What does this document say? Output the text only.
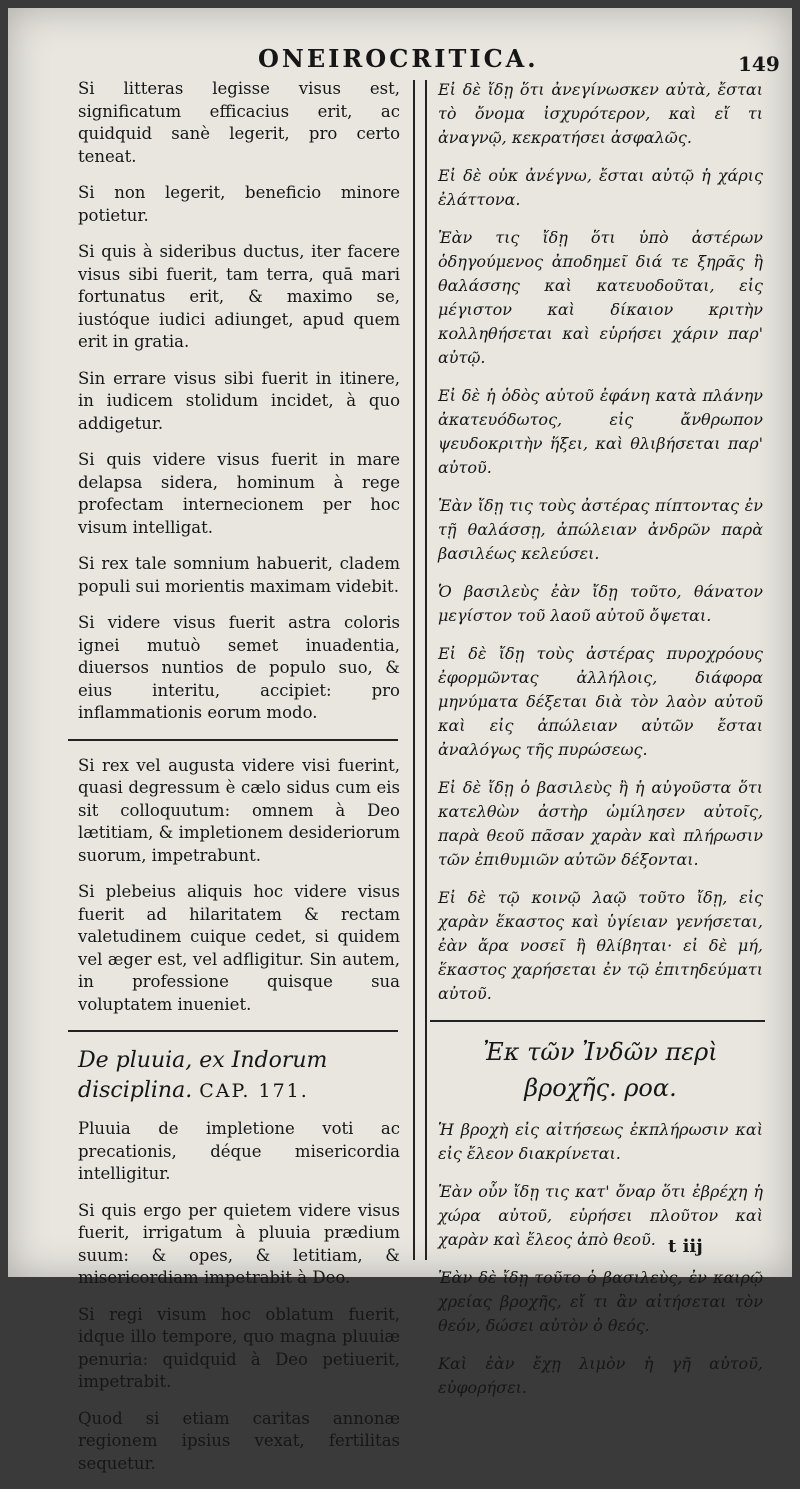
ONEIROCRITICA.	149

Si litteras legisse visus est, significatum efficacius erit, ac quidquid sanè legerit, pro certo teneat.

Si non legerit, beneficio minore potietur.

Si quis à sideribus ductus, iter facere visus sibi fuerit, tam terra, quā mari fortunatus erit, & maximo se, iustóque iudici adiunget, apud quem erit in gratia.

Sin errare visus sibi fuerit in itinere, in iudicem stolidum incidet, à quo addigetur.

Si quis videre visus fuerit in mare delapsa sidera, hominum à rege profectam internecionem per hoc visum intelligat.

Si rex tale somnium habuerit, cladem populi sui morientis maximam videbit.

Si videre visus fuerit astra coloris ignei mutuò semet inuadentia, diuersos nuntios de populo suo, & eius interitu, accipiet: pro inflammationis eorum modo.

Si rex vel augusta videre visi fuerint, quasi degressum è cælo sidus cum eis sit colloquutum: omnem à Deo lætitiam, & impletionem desideriorum suorum, impetrabunt.

Si plebeius aliquis hoc videre visus fuerit ad hilaritatem & rectam valetudinem cuique cedet, si quidem vel æger est, vel adfligitur. Sin autem, in professione quisque sua voluptatem inueniet.

De pluuia, ex Indorum disciplina. CAP. 171.

Pluuia de impletione voti ac precationis, déque misericordia intelligitur.

Si quis ergo per quietem videre visus fuerit, irrigatum à pluuia prædium suum: & opes, & letitiam, & misericordiam impetrabit à Deo.

Si regi visum hoc oblatum fuerit, idque illo tempore, quo magna pluuiæ penuria: quidquid à Deo petiuerit, impetrabit.

Quod si etiam caritas annonæ regionem ipsius vexat, fertilitas sequetur.

Εἰ δὲ ἴδῃ ὅτι ἀνεγίνωσκεν αὐτὰ, ἔσται τὸ ὄνομα ἰσχυρότερον, καὶ εἴ τι ἀναγνῷ, κεκρατήσει ἀσφαλῶς.

Εἰ δὲ οὐκ ἀνέγνω, ἔσται αὐτῷ ἡ χάρις ἐλάττονα.

Ἐὰν τις ἴδῃ ὅτι ὑπὸ ἀστέρων ὁδηγούμενος ἀποδημεῖ διά τε ξηρᾶς ἢ θαλάσσης καὶ κατευοδοῦται, εἰς μέγιστον καὶ δίκαιον κριτὴν κολληθήσεται καὶ εὑρήσει χάριν παρ' αὐτῷ.

Εἰ δὲ ἡ ὁδὸς αὐτοῦ ἐφάνη κατὰ πλάνην ἀκατευόδωτος, εἰς ἄνθρωπον ψευδοκριτὴν ἥξει, καὶ θλιβήσεται παρ' αὐτοῦ.

Ἐὰν ἴδῃ τις τοὺς ἀστέρας πίπτοντας ἐν τῇ θαλάσσῃ, ἀπώλειαν ἀνδρῶν παρὰ βασιλέως κελεύσει.

Ὁ βασιλεὺς ἐὰν ἴδῃ τοῦτο, θάνατον μεγίστον τοῦ λαοῦ αὐτοῦ ὄψεται.

Εἰ δὲ ἴδῃ τοὺς ἀστέρας πυροχρόους ἐφορμῶντας ἀλλήλοις, διάφορα μηνύματα δέξεται διὰ τὸν λαὸν αὐτοῦ καὶ εἰς ἀπώλειαν αὐτῶν ἔσται ἀναλόγως τῆς πυρώσεως.

Εἰ δὲ ἴδῃ ὁ βασιλεὺς ἢ ἡ αὐγοῦστα ὅτι κατελθὼν ἀστὴρ ὡμίλησεν αὐτοῖς, παρὰ θεοῦ πᾶσαν χαρὰν καὶ πλήρωσιν τῶν ἐπιθυμιῶν αὐτῶν δέξονται.

Εἰ δὲ τῷ κοινῷ λαῷ τοῦτο ἴδῃ, εἰς χαρὰν ἕκαστος καὶ ὑγίειαν γενήσεται, ἐὰν ἄρα νοσεῖ ἢ θλίβηται· εἰ δὲ μή, ἕκαστος χαρήσεται ἐν τῷ ἐπιτηδεύματι αὐτοῦ.

Ἐκ τῶν Ἰνδῶν περὶ βροχῆς. ροα.

Ἡ βροχὴ εἰς αἰτήσεως ἐκπλήρωσιν καὶ εἰς ἔλεον διακρίνεται.

Ἐὰν οὖν ἴδῃ τις κατ' ὄναρ ὅτι ἐβρέχη ἡ χώρα αὐτοῦ, εὑρήσει πλοῦτον καὶ χαρὰν καὶ ἔλεος ἀπὸ θεοῦ.

Ἐὰν δὲ ἴδῃ τοῦτο ὁ βασιλεὺς, ἐν καιρῷ χρείας βροχῆς, εἴ τι ἂν αἰτήσεται τὸν θεόν, δώσει αὐτὸν ὁ θεός.

Καὶ ἐὰν ἔχῃ λιμὸν ἡ γῆ αὐτοῦ, εὐφορήσει.

t iij
